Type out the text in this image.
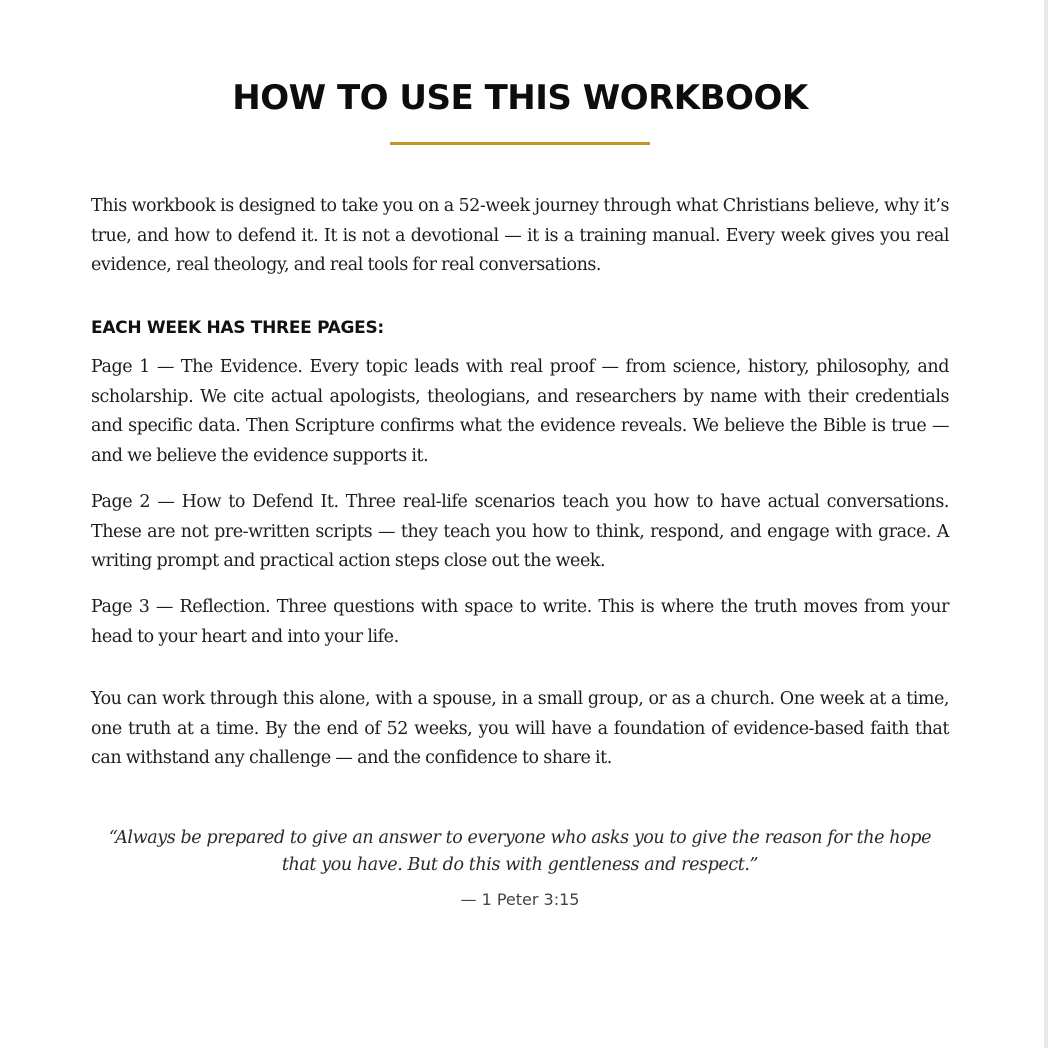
HOW TO USE THIS WORKBOOK

This workbook is designed to take you on a 52-week journey through what Christians believe, why it’s true, and how to defend it. It is not a devotional — it is a training manual. Every week gives you real evidence, real theology, and real tools for real conversations.

EACH WEEK HAS THREE PAGES:

Page 1 — The Evidence. Every topic leads with real proof — from science, history, philosophy, and scholarship. We cite actual apologists, theologians, and researchers by name with their credentials and specific data. Then Scripture confirms what the evidence reveals. We believe the Bible is true — and we believe the evidence supports it.

Page 2 — How to Defend It. Three real-life scenarios teach you how to have actual conversations. These are not pre-written scripts — they teach you how to think, respond, and engage with grace. A writing prompt and practical action steps close out the week.

Page 3 — Reflection. Three questions with space to write. This is where the truth moves from your head to your heart and into your life.

You can work through this alone, with a spouse, in a small group, or as a church. One week at a time, one truth at a time. By the end of 52 weeks, you will have a foundation of evidence-based faith that can withstand any challenge — and the confidence to share it.

“Always be prepared to give an answer to everyone who asks you to give the reason for the hope that you have. But do this with gentleness and respect.”

— 1 Peter 3:15
